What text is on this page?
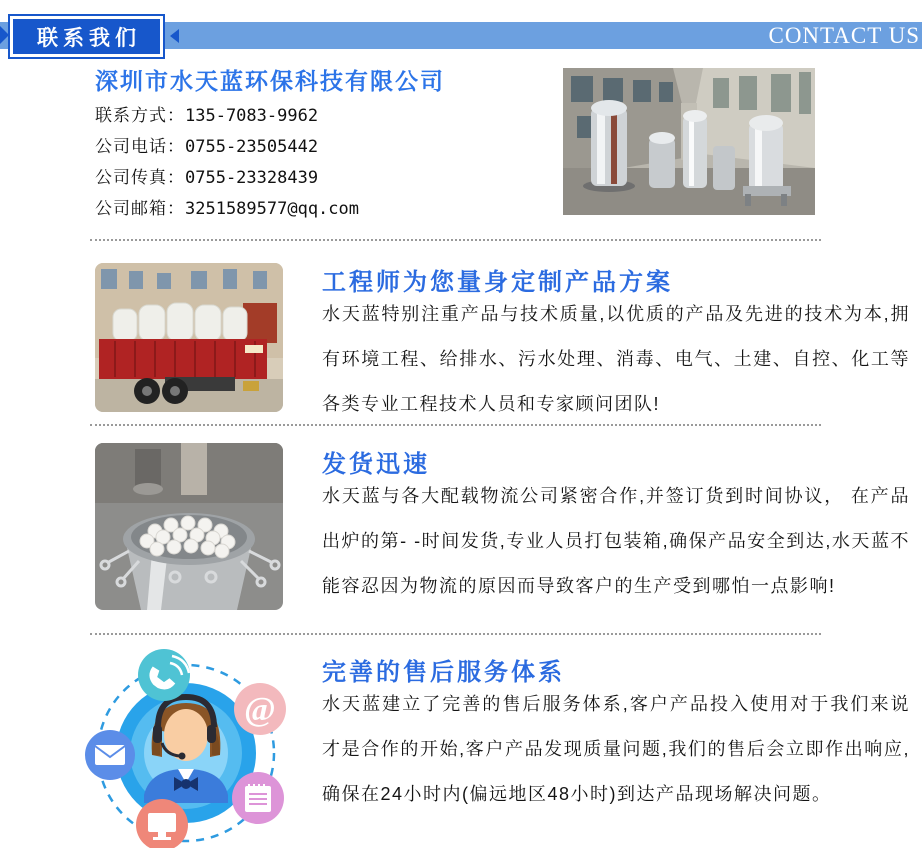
联系我们	CONTACT US
深圳市水天蓝环保科技有限公司
联系方式：135-7083-9962
公司电话：0755-23505442
公司传真：0755-23328439
公司邮箱：3251589577@qq.com
工程师为您量身定制产品方案
水天蓝特别注重产品与技术质量,以优质的产品及先进的技术为本,拥有环境工程、给排水、污水处理、消毒、电气、土建、自控、化工等各类专业工程技术人员和专家顾问团队!
发货迅速
水天蓝与各大配载物流公司紧密合作,并签订货到时间协议， 在产品出炉的第- -时间发货,专业人员打包装箱,确保产品安全到达,水天蓝不能容忍因为物流的原因而导致客户的生产受到哪怕一点影响!
@
完善的售后服务体系
水天蓝建立了完善的售后服务体系,客户产品投入使用对于我们来说才是合作的开始,客户产品发现质量问题,我们的售后会立即作出响应,确保在24小时内(偏远地区48小时)到达产品现场解决问题。
